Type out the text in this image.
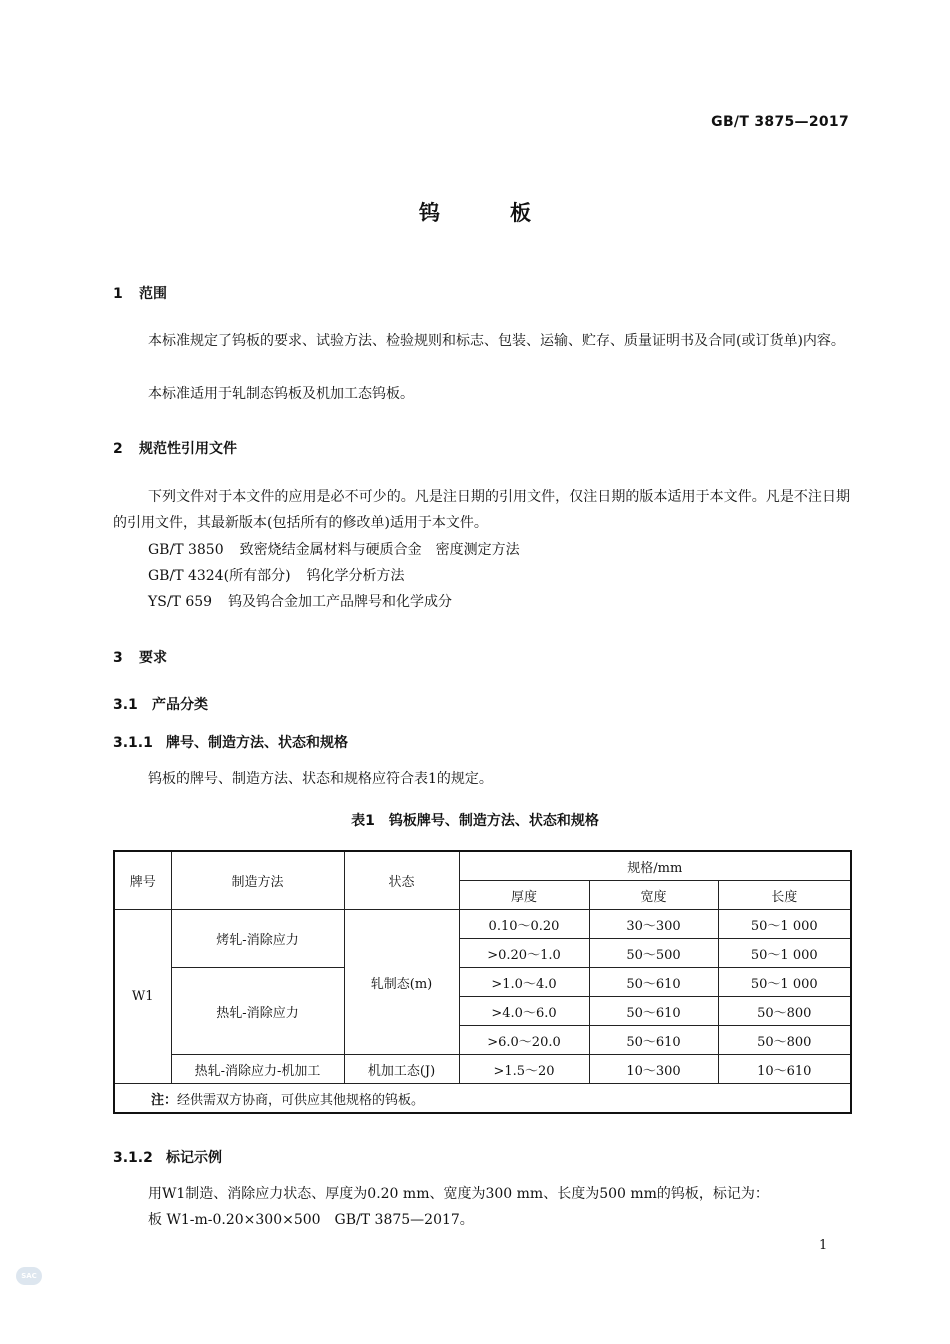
GB/T 3875—2017
钨板
1 范围
本标准规定了钨板的要求、试验方法、检验规则和标志、包装、运输、贮存、质量证明书及合同(或订货单)内容。
本标准适用于轧制态钨板及机加工态钨板。
2 规范性引用文件
下列文件对于本文件的应用是必不可少的。凡是注日期的引用文件，仅注日期的版本适用于本文件。凡是不注日期的引用文件，其最新版本(包括所有的修改单)适用于本文件。
GB/T 3850 致密烧结金属材料与硬质合金　密度测定方法
GB/T 4324(所有部分) 钨化学分析方法
YS/T 659 钨及钨合金加工产品牌号和化学成分
3 要求
3.1 产品分类
3.1.1 牌号、制造方法、状态和规格
钨板的牌号、制造方法、状态和规格应符合表1的规定。
表1　钨板牌号、制造方法、状态和规格
牌号	制造方法	状态	规格/mm		
			厚度	宽度	长度
W1	烤轧-消除应力	轧制态(m)	0.10～0.20	30～300	50～1 000
			>0.20～1.0	50～500	50～1 000
	热轧-消除应力		>1.0～4.0	50～610	50～1 000
			>4.0～6.0	50～610	50～800
			>6.0～20.0	50～610	50～800
	热轧-消除应力-机加工	机加工态(J)	>1.5～20	10～300	10～610
注：经供需双方协商，可供应其他规格的钨板。					
3.1.2 标记示例
用W1制造、消除应力状态、厚度为0.20 mm、宽度为300 mm、长度为500 mm的钨板，标记为：
板 W1-m-0.20×300×500　GB/T 3875—2017。
1
SAC
